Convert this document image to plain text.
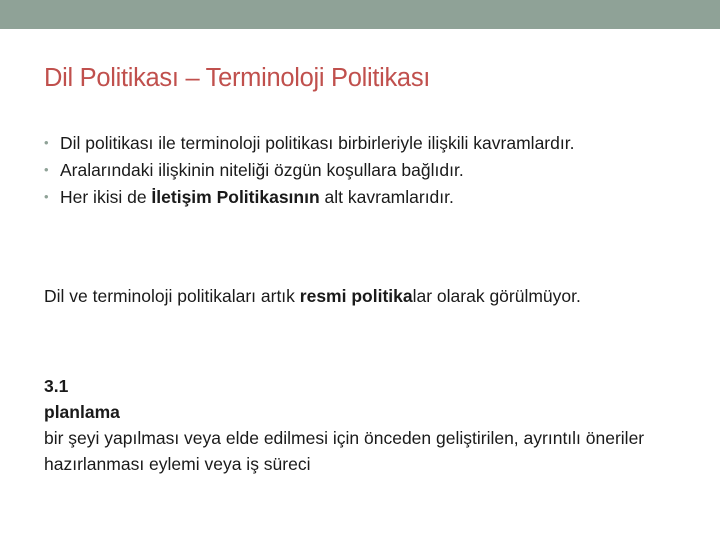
Dil Politikası – Terminoloji Politikası
• Dil politikası ile terminoloji politikası birbirleriyle ilişkili kavramlardır.
• Aralarındaki ilişkinin niteliği özgün koşullara bağlıdır.
• Her ikisi de İletişim Politikasının alt kavramlarıdır.

Dil ve terminoloji politikaları artık resmi politikalar olarak görülmüyor.

3.1
planlama
bir şeyi yapılması veya elde edilmesi için önceden geliştirilen, ayrıntılı öneriler hazırlanması eylemi veya iş süreci
